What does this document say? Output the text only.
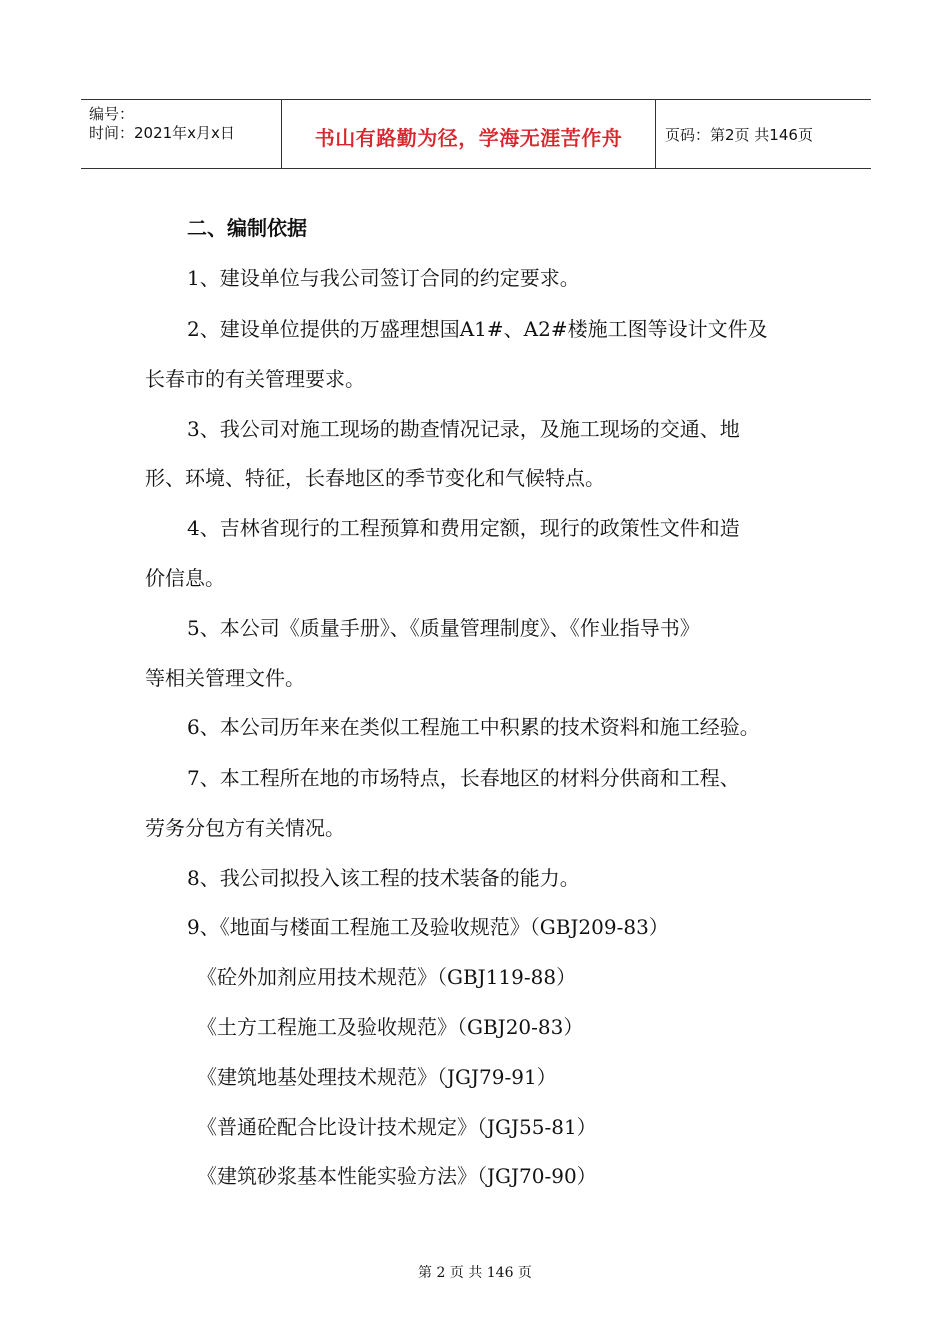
编号：
时间：2021年x月x日	书山有路勤为径，学海无涯苦作舟	页码：第2页 共146页
二、编制依据
1、建设单位与我公司签订合同的约定要求。
2、建设单位提供的万盛理想国A1#、A2#楼施工图等设计文件及
长春市的有关管理要求。
3、我公司对施工现场的勘查情况记录，及施工现场的交通、地
形、环境、特征，长春地区的季节变化和气候特点。
4、吉林省现行的工程预算和费用定额，现行的政策性文件和造
价信息。
5、本公司《质量手册》、《质量管理制度》、《作业指导书》
等相关管理文件。
6、本公司历年来在类似工程施工中积累的技术资料和施工经验。
7、本工程所在地的市场特点，长春地区的材料分供商和工程、
劳务分包方有关情况。
8、我公司拟投入该工程的技术装备的能力。
9、《地面与楼面工程施工及验收规范》（GBJ209-83）
《砼外加剂应用技术规范》（GBJ119-88）
《土方工程施工及验收规范》（GBJ20-83）
《建筑地基处理技术规范》（JGJ79-91）
《普通砼配合比设计技术规定》（JGJ55-81）
《建筑砂浆基本性能实验方法》（JGJ70-90）
第 2 页 共 146 页
